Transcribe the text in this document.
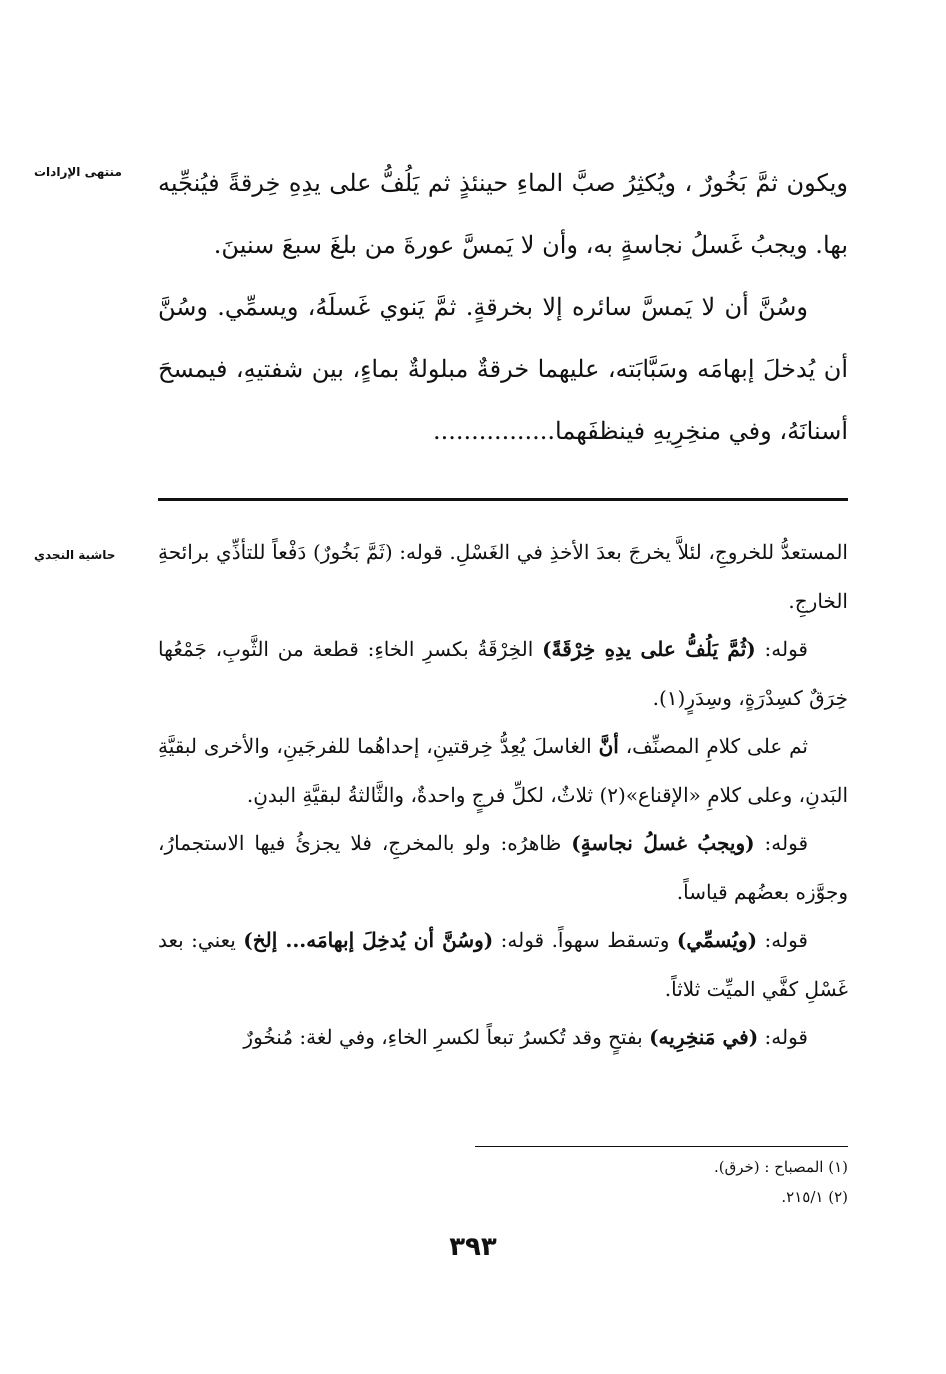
منتهى الإرادات
حاشية النجدي

ويكون ثمَّ بَخُورٌ ، ويُكثِرُ صبَّ الماءِ حينئذٍ ثم يَلُفُّ على يدِهِ خِرقةً فيُنجِّيه بها. ويجبُ غَسلُ نجاسةٍ به، وأن لا يَمسَّ عورةَ من بلغَ سبعَ سنينَ.

وسُنَّ أن لا يَمسَّ سائره إلا بخرقةٍ. ثمَّ يَنوي غَسلَهُ، ويسمِّي. وسُنَّ أن يُدخلَ إبهامَه وسَبَّابَته، عليهما خرقةٌ مبلولةٌ بماءٍ، بين شفتيهِ، فيمسحَ أسنانَهُ، وفي منخِرِيهِ فينظفَهما................

المستعدُّ للخروجِ، لئلاَّ يخرجَ بعدَ الأخذِ في الغَسْلِ. قوله: (ثَمَّ بَخُورٌ) دَفْعاً للتأذِّي برائحةِ الخارجِ.

قوله: (ثُمَّ يَلُفُّ على يدِهِ خِرْقَةً) الخِرْقَةُ بكسرِ الخاءِ: قطعة من الثَّوبِ، جَمْعُها خِرَقٌ كسِدْرَةٍ، وسِدَرٍ(١).

ثم على كلامِ المصنِّف، أنَّ الغاسلَ يُعِدُّ خِرقتينِ، إحداهُما للفرجَينِ، والأخرى لبقيَّةِ البَدنِ، وعلى كلامِ «الإقناع»(٢) ثلاثٌ، لكلِّ فرجٍ واحدةٌ، والثَّالثةُ لبقيَّةِ البدنِ.

قوله: (ويجبُ غسلُ نجاسةٍ) ظاهرُه: ولو بالمخرجِ، فلا يجزئُ فيها الاستجمارُ، وجوَّزه بعضُهم قياساً.

قوله: (ويُسمِّي) وتسقط سهواً. قوله: (وسُنَّ أن يُدخِلَ إبهامَه... إلخ) يعني: بعد غَسْلِ كفَّي الميِّت ثلاثاً.

قوله: (في مَنخِرِيه) بفتحٍ وقد تُكسرُ تبعاً لكسرِ الخاءِ، وفي لغة: مُنخُورٌ

(١) المصباح : (خرق).

(٢) ٢١٥/١.

٣٩٣
